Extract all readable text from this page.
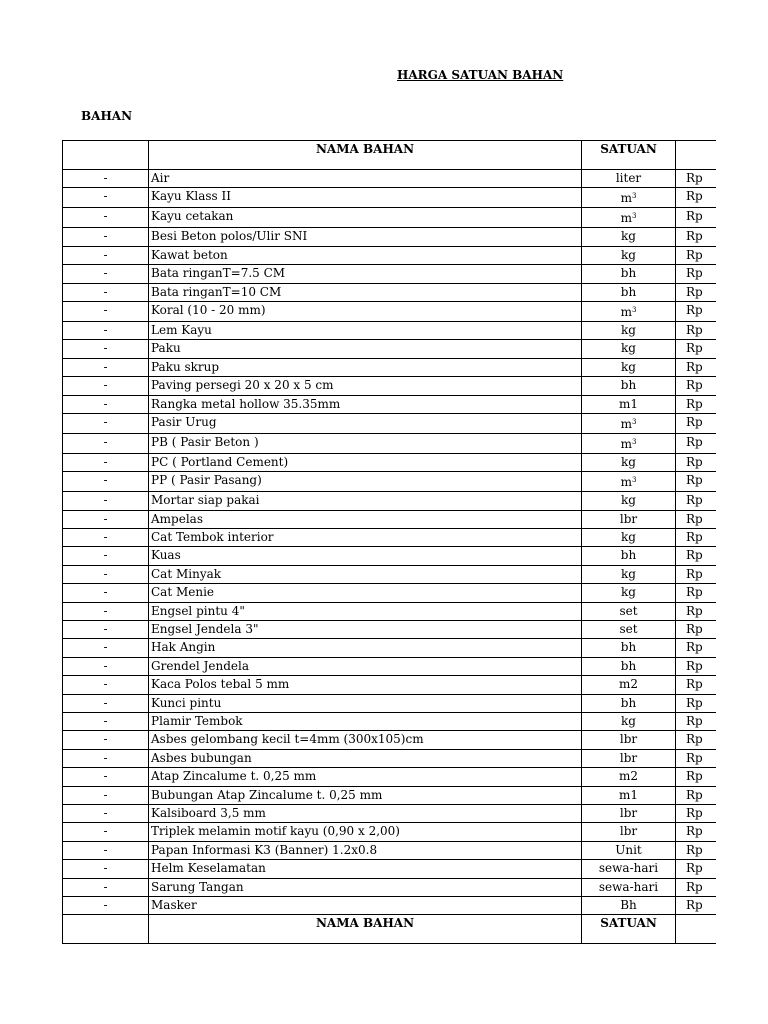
HARGA SATUAN BAHAN
BAHAN
	NAMA BAHAN	SATUAN	
-	Air	liter	Rp
-	Kayu Klass II	$m^3$	Rp
-	Kayu cetakan	$m^3$	Rp
-	Besi Beton polos/Ulir SNI	kg	Rp
-	Kawat beton	kg	Rp
-	Bata ringanT=7.5 CM	bh	Rp
-	Bata ringanT=10 CM	bh	Rp
-	Koral (10 - 20 mm)	$m^3$	Rp
-	Lem Kayu	kg	Rp
-	Paku	kg	Rp
-	Paku skrup	kg	Rp
-	Paving persegi 20 x 20 x 5 cm	bh	Rp
-	Rangka metal hollow 35.35mm	m1	Rp
-	Pasir Urug	$m^3$	Rp
-	PB ( Pasir Beton )	$m^3$	Rp
-	PC ( Portland Cement)	kg	Rp
-	PP ( Pasir Pasang)	$m^3$	Rp
-	Mortar siap pakai	kg	Rp
-	Ampelas	lbr	Rp
-	Cat Tembok interior	kg	Rp
-	Kuas	bh	Rp
-	Cat Minyak	kg	Rp
-	Cat Menie	kg	Rp
-	Engsel pintu 4"	set	Rp
-	Engsel Jendela 3"	set	Rp
-	Hak Angin	bh	Rp
-	Grendel Jendela	bh	Rp
-	Kaca Polos tebal 5 mm	m2	Rp
-	Kunci pintu	bh	Rp
-	Plamir Tembok	kg	Rp
-	Asbes gelombang kecil t=4mm (300x105)cm	lbr	Rp
-	Asbes bubungan	lbr	Rp
-	Atap Zincalume t. 0,25 mm	m2	Rp
-	Bubungan Atap Zincalume t. 0,25 mm	m1	Rp
-	Kalsiboard 3,5 mm	lbr	Rp
-	Triplek melamin motif kayu (0,90 x 2,00)	lbr	Rp
-	Papan Informasi K3 (Banner) 1.2x0.8	Unit	Rp
-	Helm Keselamatan	sewa-hari	Rp
-	Sarung Tangan	sewa-hari	Rp
-	Masker	Bh	Rp
	NAMA BAHAN	SATUAN	
